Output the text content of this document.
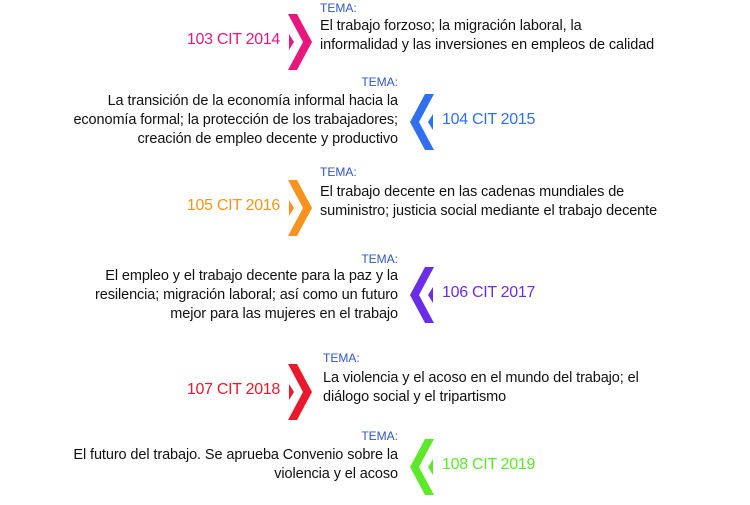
103 CIT 2014
TEMA:
El trabajo forzoso; la migración laboral, la
informalidad y las inversiones en empleos de calidad
104 CIT 2015
TEMA:
La transición de la economía informal hacia la
economía formal; la protección de los trabajadores;
creación de empleo decente y productivo
105 CIT 2016
TEMA:
El trabajo decente en las cadenas mundiales de
suministro; justicia social mediante el trabajo decente
106 CIT 2017
TEMA:
El empleo y el trabajo decente para la paz y la
resilencia; migración laboral; así como un futuro
mejor para las mujeres en el trabajo
107 CIT 2018
TEMA:
La violencia y el acoso en el mundo del trabajo; el
diálogo social y el tripartismo
108 CIT 2019
TEMA:
El futuro del trabajo. Se aprueba Convenio sobre la
violencia y el acoso
